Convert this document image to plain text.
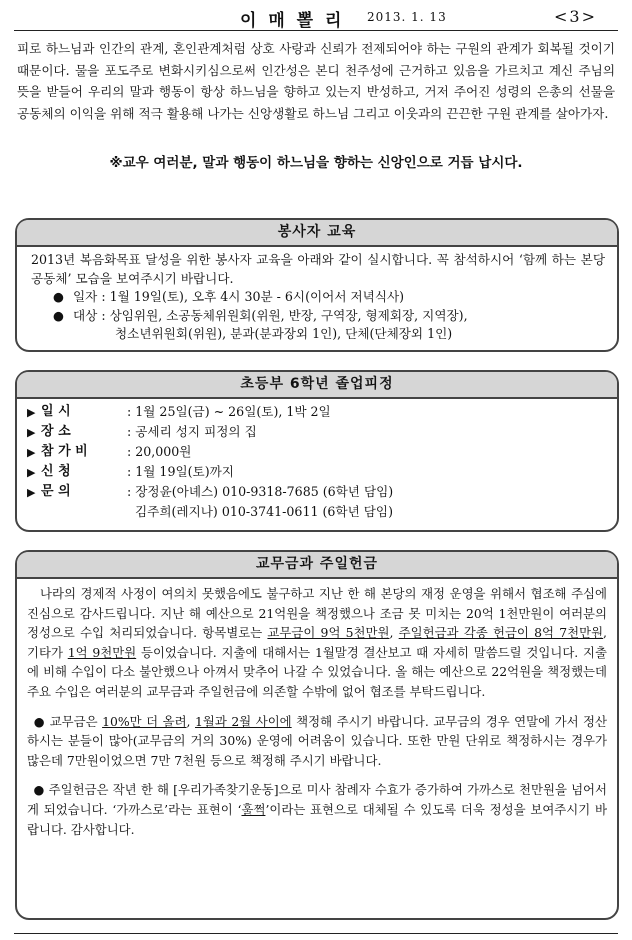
이 매 뽈 리 2013. 1. 13	<3>

피로 하느님과 인간의 관계, 혼인관계처럼 상호 사랑과 신뢰가 전제되어야 하는 구원의 관계가 회복될 것이기 때문이다. 물을 포도주로 변화시키심으로써 인간성은 본디 천주성에 근거하고 있음을 가르치고 계신 주님의 뜻을 받들어 우리의 말과 행동이 항상 하느님을 향하고 있는지 반성하고, 거저 주어진 성령의 은총의 선물을 공동체의 이익을 위해 적극 활용해 나가는 신앙생활로 하느님 그리고 이웃과의 끈끈한 구원 관계를 살아가자.

※교우 여러분, 말과 행동이 하느님을 향하는 신앙인으로 거듭 납시다.
봉사자 교육

2013년 복음화목표 달성을 위한 봉사자 교육을 아래와 같이 실시합니다. 꼭 참석하시어 ‘함께 하는 본당공동체’ 모습을 보여주시기 바랍니다.

● 일자 : 1월 19일(토), 오후 4시 30분 - 6시(이어서 저녁식사)

● 대상 : 상임위원, 소공동체위원회(위원, 반장, 구역장, 형제회장, 지역장),
청소년위원회(위원), 분과(분과장외 1인), 단체(단체장외 1인)

초등부 6학년 졸업피정
▶ 일 시	: 1월 25일(금) ~ 26일(토), 1박 2일
▶ 장 소	: 공세리 성지 피정의 집
▶ 참 가 비	: 20,000원
▶ 신 청	: 1월 19일(토)까지
▶ 문 의	: 장정윤(아녜스) 010-9318-7685 (6학년 담임)
김주희(레지나) 010-3741-0611 (6학년 담임)
교무금과 주일헌금

　나라의 경제적 사정이 여의치 못했음에도 불구하고 지난 한 해 본당의 재정 운영을 위해서 협조해 주심에 진심으로 감사드립니다. 지난 해 예산으로 21억원을 책정했으나 조금 못 미치는 20억 1천만원이 여러분의 정성으로 수입 처리되었습니다. 항목별로는 교무금이 9억 5천만원, 주일헌금과 각종 헌금이 8억 7천만원, 기타가 1억 9천만원 등이었습니다. 지출에 대해서는 1월말경 결산보고 때 자세히 말씀드릴 것입니다. 지출에 비해 수입이 다소 불안했으나 아껴서 맞추어 나갈 수 있었습니다. 올 해는 예산으로 22억원을 책정했는데 주요 수입은 여러분의 교무금과 주일헌금에 의존할 수밖에 없어 협조를 부탁드립니다.

 ● 교무금은 10%만 더 올려, 1월과 2월 사이에 책정해 주시기 바랍니다. 교무금의 경우 연말에 가서 정산하시는 분들이 많아(교무금의 거의 30%) 운영에 어려움이 있습니다. 또한 만원 단위로 책정하시는 경우가 많은데 7만원이었으면 7만 7천원 등으로 책정해 주시기 바랍니다.

 ● 주일헌금은 작년 한 해 [우리가족찾기운동]으로 미사 참례자 수효가 증가하여 가까스로 천만원을 넘어서게 되었습니다. ‘가까스로’라는 표현이 ‘훌쩍’이라는 표현으로 대체될 수 있도록 더욱 정성을 보여주시기 바랍니다. 감사합니다.
